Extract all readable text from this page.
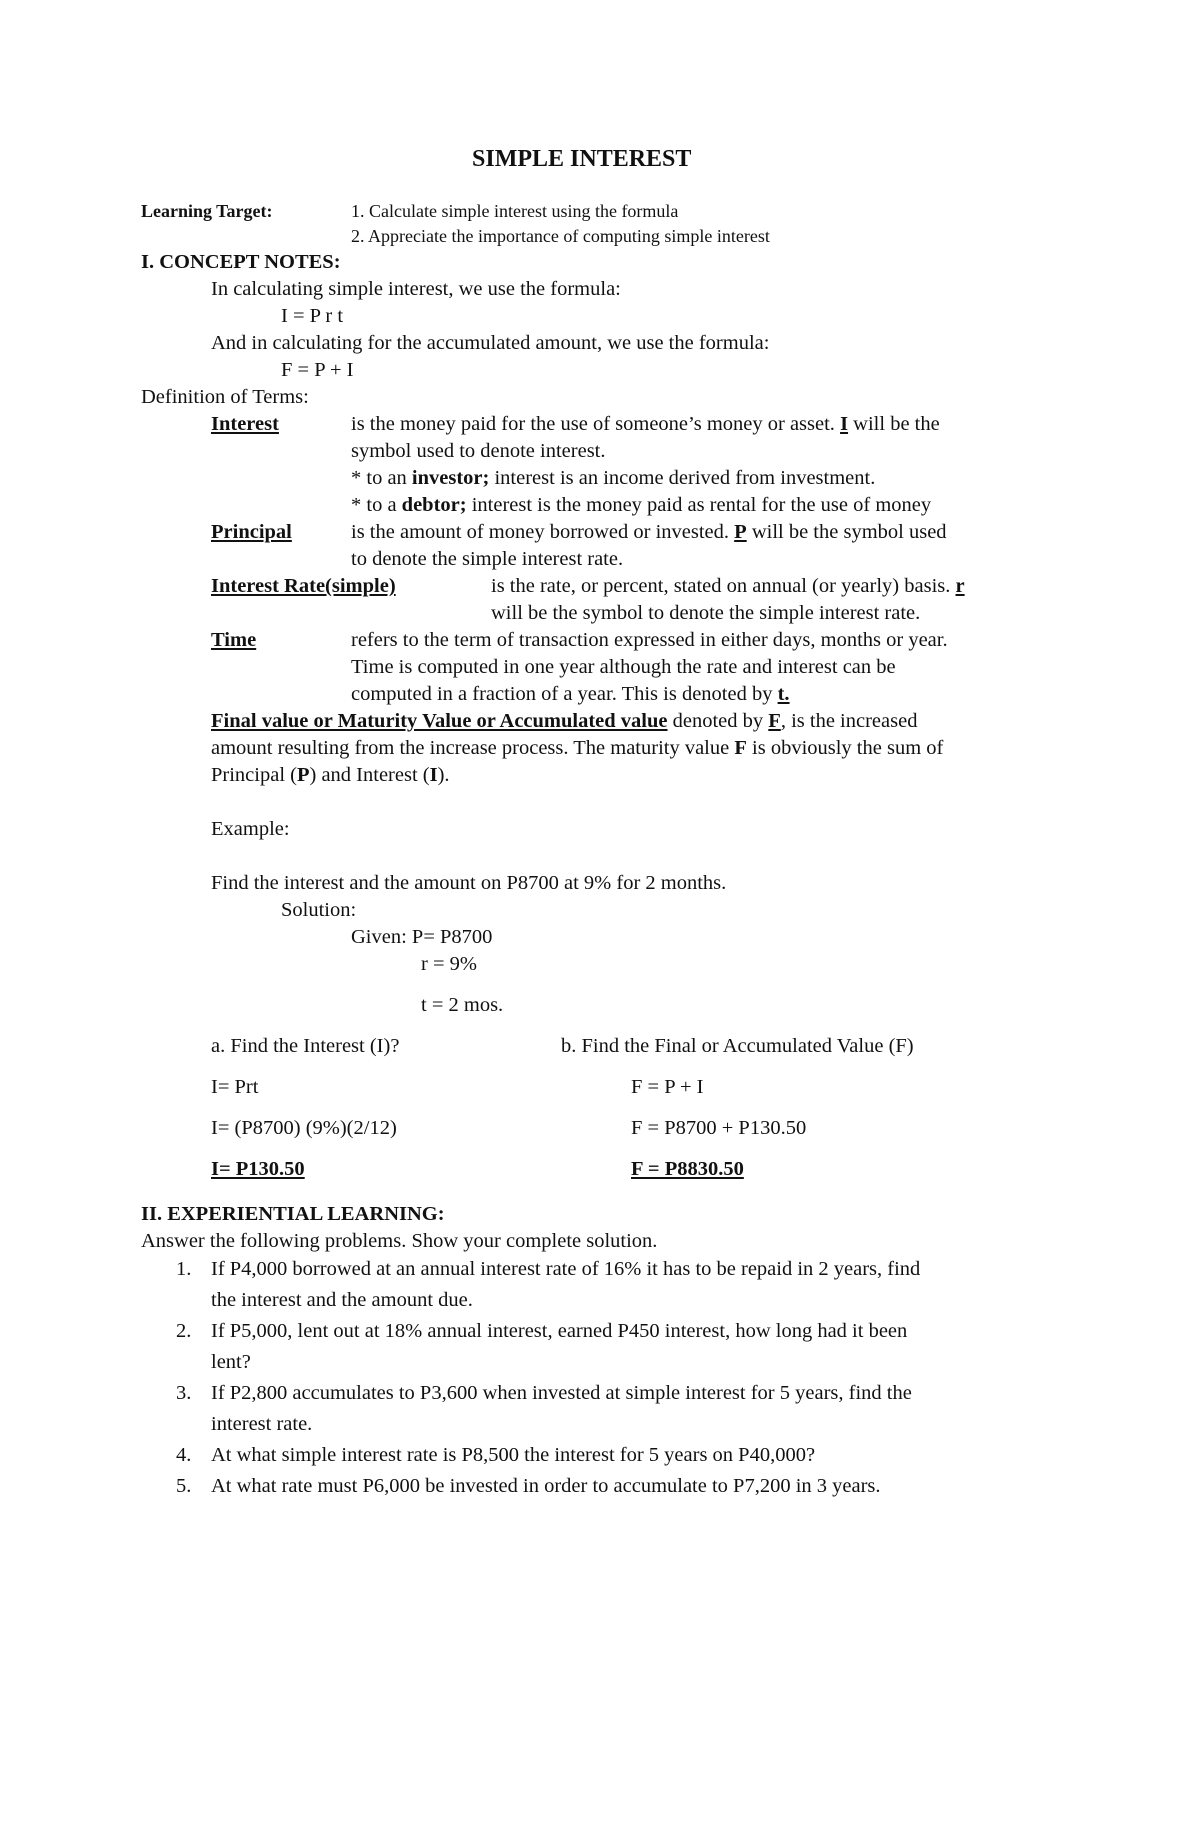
SIMPLE INTEREST
Learning Target:	1. Calculate simple interest using the formula
2. Appreciate the importance of computing simple interest
I. CONCEPT NOTES:
In calculating simple interest, we use the formula:
I = P r t
And in calculating for the accumulated amount, we use the formula:
F = P + I
Definition of Terms:
Interest	is the money paid for the use of someone’s money or asset. I will be the
symbol used to denote interest.
* to an investor; interest is an income derived from investment.
* to a debtor; interest is the money paid as rental for the use of money
Principal	is the amount of money borrowed or invested. P will be the symbol used
to denote the simple interest rate.
Interest Rate(simple)	is the rate, or percent, stated on annual (or yearly) basis. r
will be the symbol to denote the simple interest rate.
Time	refers to the term of transaction expressed in either days, months or year.
Time is computed in one year although the rate and interest can be
computed in a fraction of a year. This is denoted by t.
Final value or Maturity Value or Accumulated value denoted by F, is the increased
amount resulting from the increase process. The maturity value F is obviously the sum of
Principal (P) and Interest (I).
Example:
Find the interest and the amount on P8700 at 9% for 2 months.
Solution:
Given: P= P8700
r = 9%
t = 2 mos.
a. Find the Interest (I)?	b. Find the Final or Accumulated Value (F)
I= Prt	F = P + I
I= (P8700) (9%)(2/12)	F = P8700 + P130.50
I= P130.50	F = P8830.50
II. EXPERIENTIAL LEARNING:
Answer the following problems. Show your complete solution.
1. If P4,000 borrowed at an annual interest rate of 16% it has to be repaid in 2 years, find
the interest and the amount due.
2. If P5,000, lent out at 18% annual interest, earned P450 interest, how long had it been
lent?
3. If P2,800 accumulates to P3,600 when invested at simple interest for 5 years, find the
interest rate.
4. At what simple interest rate is P8,500 the interest for 5 years on P40,000?
5. At what rate must P6,000 be invested in order to accumulate to P7,200 in 3 years.
